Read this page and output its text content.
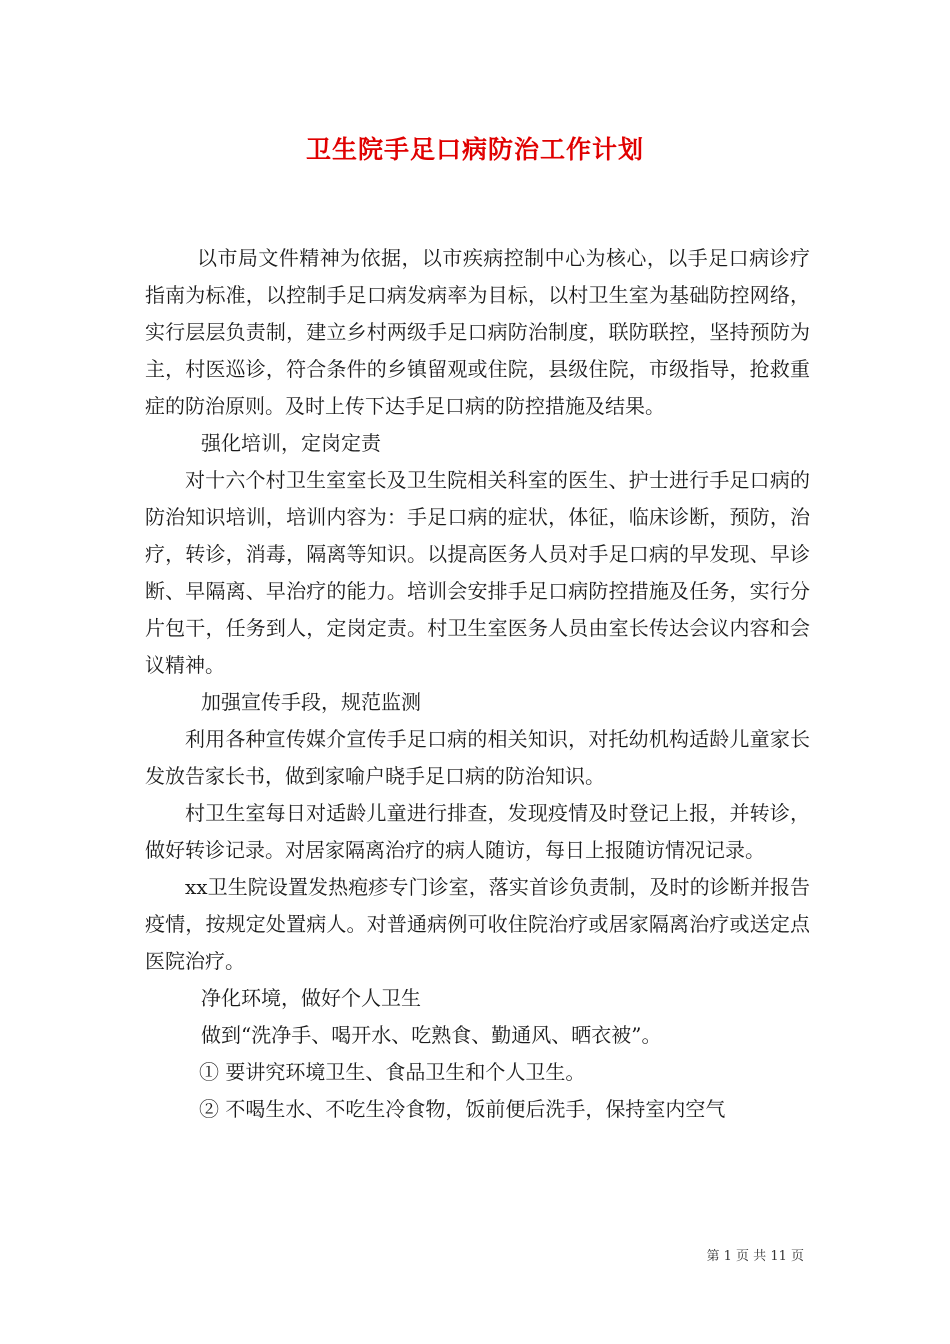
卫生院手足口病防治工作计划

以市局文件精神为依据，以市疾病控制中心为核心，以手足口病诊疗指南为标准，以控制手足口病发病率为目标，以村卫生室为基础防控网络，实行层层负责制，建立乡村两级手足口病防治制度，联防联控，坚持预防为主，村医巡诊，符合条件的乡镇留观或住院，县级住院，市级指导，抢救重症的防治原则。及时上传下达手足口病的防控措施及结果。

强化培训，定岗定责

对十六个村卫生室室长及卫生院相关科室的医生、护士进行手足口病的防治知识培训，培训内容为：手足口病的症状，体征，临床诊断，预防，治疗，转诊，消毒，隔离等知识。以提高医务人员对手足口病的早发现、早诊断、早隔离、早治疗的能力。培训会安排手足口病防控措施及任务，实行分片包干，任务到人，定岗定责。村卫生室医务人员由室长传达会议内容和会议精神。

加强宣传手段，规范监测

利用各种宣传媒介宣传手足口病的相关知识，对托幼机构适龄儿童家长发放告家长书，做到家喻户晓手足口病的防治知识。

村卫生室每日对适龄儿童进行排查，发现疫情及时登记上报，并转诊，做好转诊记录。对居家隔离治疗的病人随访，每日上报随访情况记录。

xx卫生院设置发热疱疹专门诊室，落实首诊负责制，及时的诊断并报告疫情，按规定处置病人。对普通病例可收住院治疗或居家隔离治疗或送定点医院治疗。

净化环境，做好个人卫生

做到“洗净手、喝开水、吃熟食、勤通风、晒衣被”。

① 要讲究环境卫生、食品卫生和个人卫生。

② 不喝生水、不吃生冷食物，饭前便后洗手，保持室内空气

第 1 页 共 11 页
